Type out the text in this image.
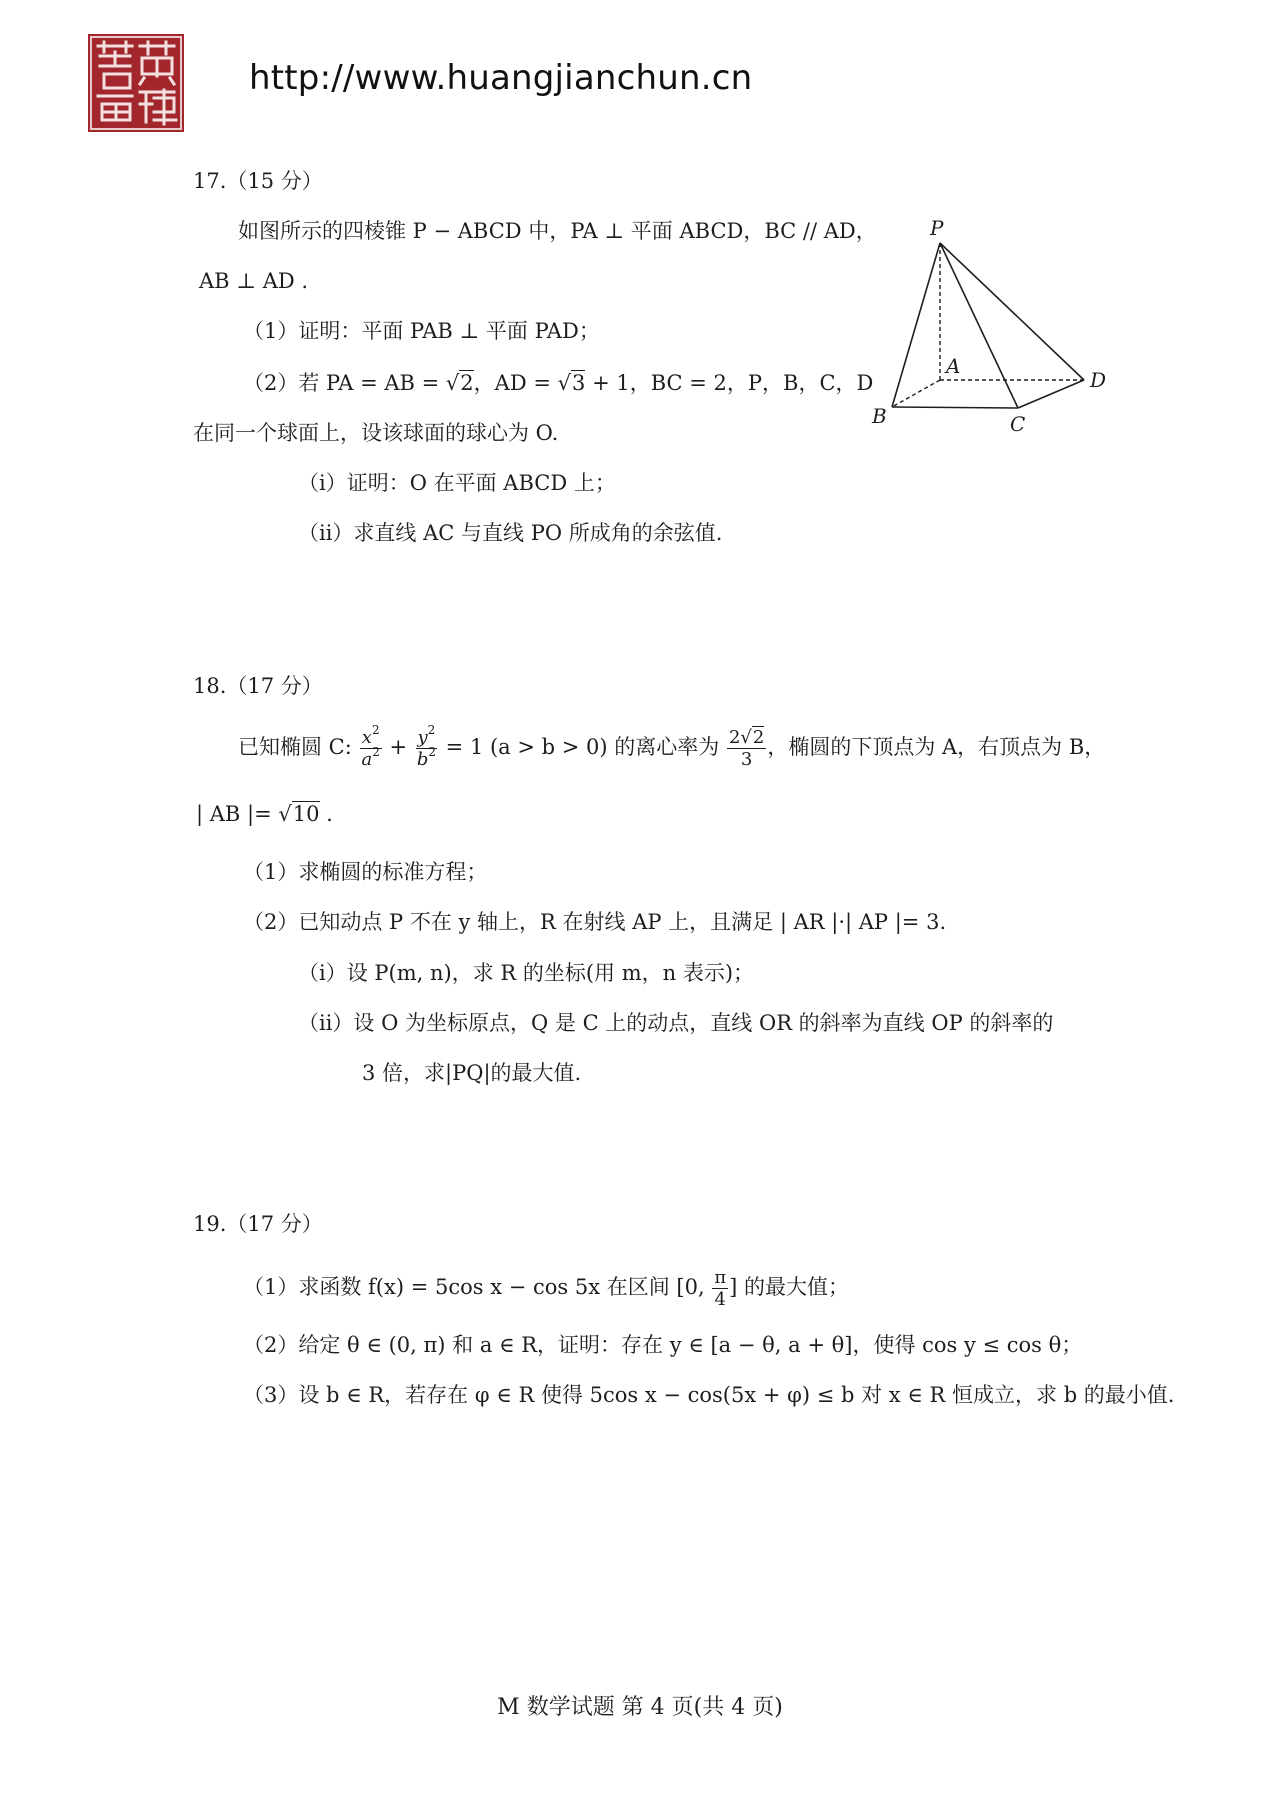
http://www.huangjianchun.cn
17.（15 分）
如图所示的四棱锥 P − ABCD 中，PA ⊥ 平面 ABCD，BC // AD，
AB ⊥ AD .
（1）证明：平面 PAB ⊥ 平面 PAD；
（2）若 PA = AB = √2，AD = √3 + 1，BC = 2，P，B，C，D
在同一个球面上，设该球面的球心为 O.
（ⅰ）证明：O 在平面 ABCD 上；
（ⅱ）求直线 AC 与直线 PO 所成角的余弦值.
P
A
B	C
D
18.（17 分）
已知椭圆 C: $\frac{x^2}{a^2} + \frac{y^2}{b^2} = 1$ (a > b > 0) 的离心率为 $\frac{2√2}{3}$ ，椭圆的下顶点为 A，右顶点为 B，
| AB |= √10 .
（1）求椭圆的标准方程；
（2）已知动点 P 不在 y 轴上，R 在射线 AP 上，且满足 | AR |·| AP |= 3.
（ⅰ）设 P(m, n)，求 R 的坐标(用 m，n 表示)；
（ⅱ）设 O 为坐标原点，Q 是 C 上的动点，直线 OR 的斜率为直线 OP 的斜率的
3 倍，求|PQ|的最大值.
19.（17 分）
（1）求函数 f(x) = 5cos x − cos 5x 在区间 [0, $\frac{\pi}{4}$ ] 的最大值；
（2）给定 θ ∈ (0, π) 和 a ∈ R，证明：存在 y ∈ [a − θ, a + θ]，使得 cos y ≤ cos θ；
（3）设 b ∈ R，若存在 φ ∈ R 使得 5cos x − cos(5x + φ) ≤ b 对 x ∈ R 恒成立，求 b 的最小值.
M 数学试题 第 4 页(共 4 页)
